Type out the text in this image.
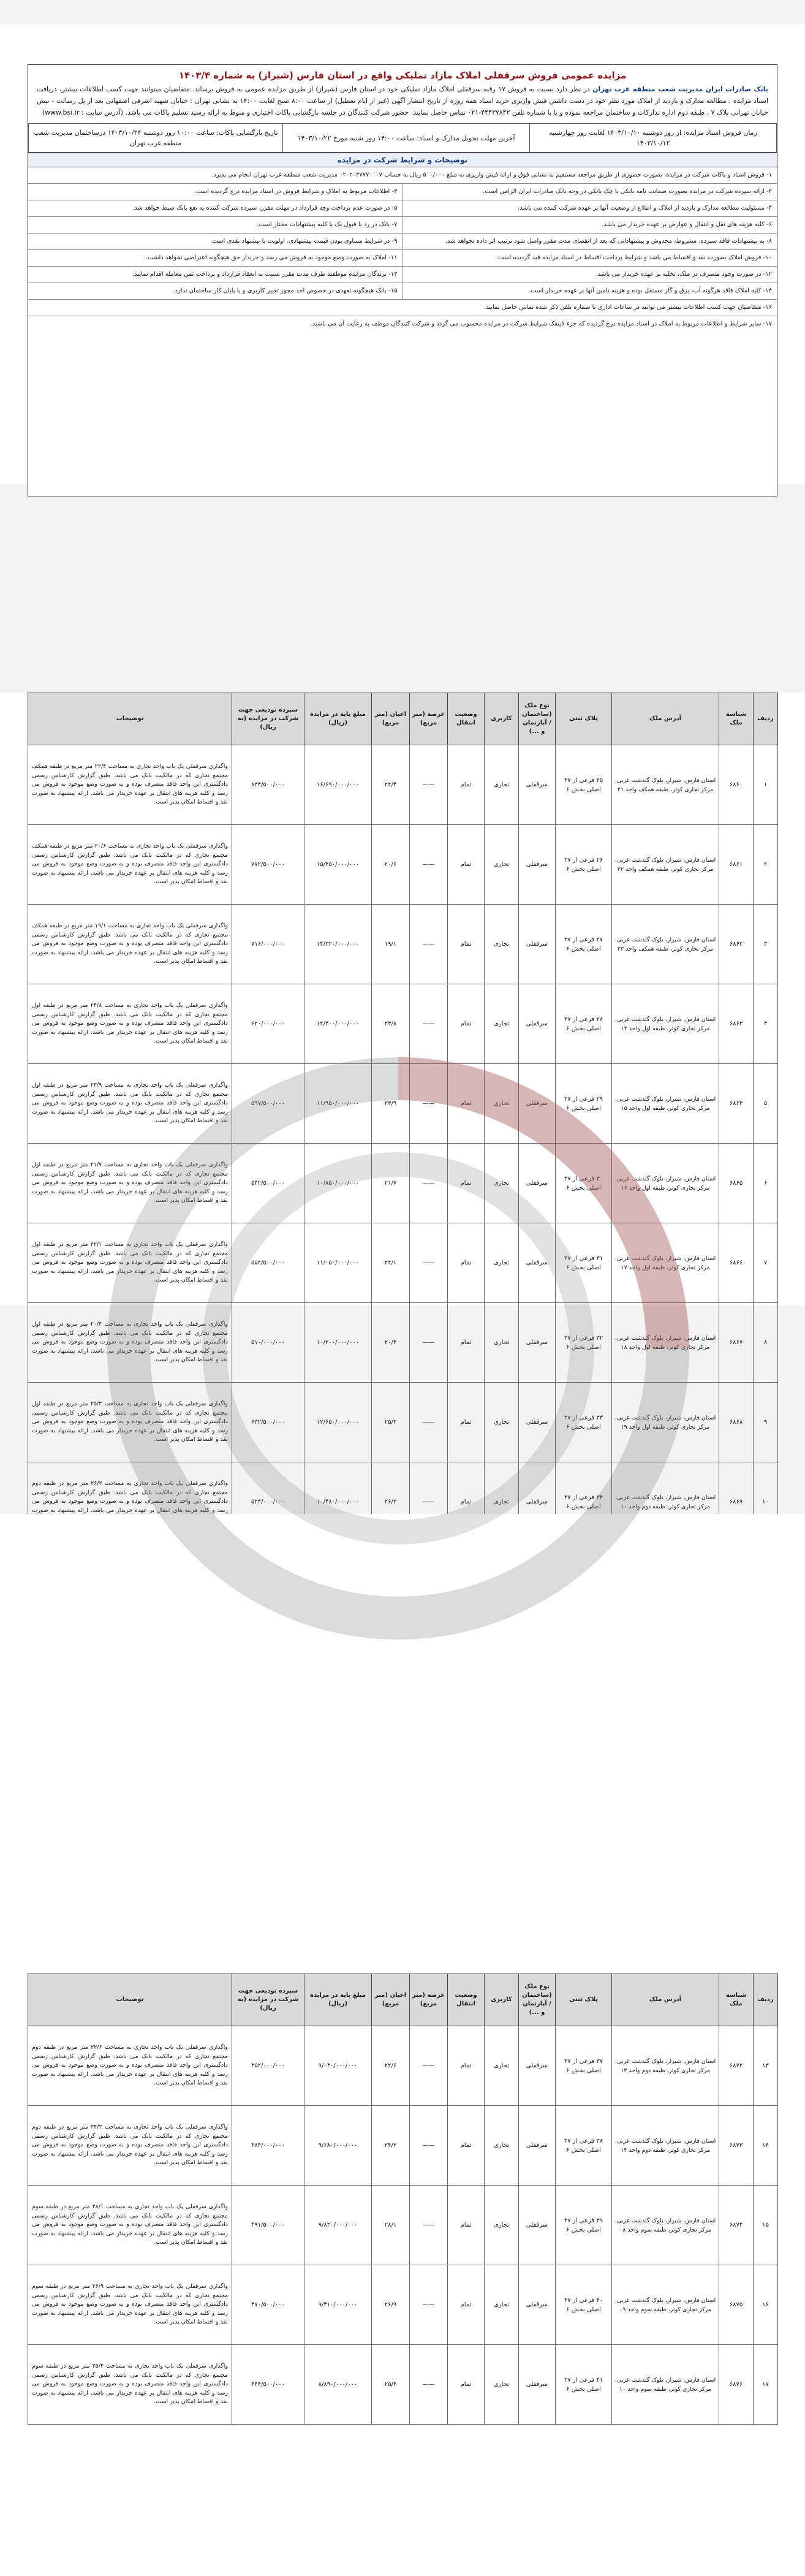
مزایده عمومی فروش سرقفلی املاک مازاد تملیکی واقع در استان فارس (شیراز) به شماره ۱۴۰۳/۴
بانک صادرات ایران مدیریت شعب منطقه غرب تهران در نظر دارد نسبت به فروش ۱۷ رقبه سرقفلی املاک مازاد تملیکی خود در استان فارس (شیراز) از طریق مزایده عمومی به فروش برساند. متقاضیان میتوانند جهت کسب اطلاعات بیشتر، دریافت اسناد مزایده ، مطالعه مدارک و بازدید از املاک مورد نظر خود در دست داشتن فیش واریزی خرید اسناد همه روزه از تاریخ انتشار آگهی (غیر از ایام تعطیل) از ساعت ۸:۰۰ صبح لغایت ۱۴:۰۰ به نشانی تهران : خیابان شهید اشرفی اصفهانی بعد از پل رسالت - نبش خیابان تهرانی پلاک ۷ ، طبقه دوم اداره تدارکات و ساختمان مراجعه نموده و یا با شماره تلفن ۴۴۴۳۷۸۴۲-۰۲۱ تماس حاصل نمایند. حضور شرکت کنندگان در جلسه بازگشایی پاکات اختیاری و منوط به ارائه رسید تسلیم پاکات می باشد. (آدرس سایت : www.bsi.ir)
زمان فروش اسناد مزایده: از روز دوشنبه ۱۴۰۳/۱۰/۱۰ لغایت روز چهارشنبه ۱۴۰۳/۱۰/۱۲	آخرین مهلت تحویل مدارک و اسناد: ساعت ۱۴:۰۰ روز شنبه مورخ ۱۴۰۳/۱۰/۲۲	تاریخ بازگشایی پاکات: ساعت ۱۰:۰۰ روز دوشنبه ۱۴۰۳/۱۰/۲۴ درساختمان مدیریت شعب منطقه غرب تهران
توضیحات و شرایط شرکت در مزایده
۱- فروش اسناد و پاکات شرکت در مزایده، بصورت حضوری از طریق مراجعه مستقیم به نشانی فوق و ارائه فیش واریزی به مبلغ ۵۰۰/۰۰۰ ریال به حساب ۰۲۰۲۰۳۷۷۷۰۰۰۷ مدیریت شعب منطقه غرب تهران انجام می پذیرد.
۲- ارائه سپرده شرکت در مزایده بصورت ضمانت نامه بانکی یا چک بانکی در وجه بانک صادرات ایران الزامی است.
۳- اطلاعات مربوط به املاک و شرایط فروش در اسناد مزایده درج گردیده است.
۴- مسئولیت مطالعه مدارک و بازدید از املاک و اطلاع از وضعیت آنها بر عهده شرکت کننده می باشد.
۵- در صورت عدم پرداخت وجه قرارداد در مهلت مقرر، سپرده شرکت کننده به نفع بانک ضبط خواهد شد.
۶- کلیه هزینه های نقل و انتقال و عوارض بر عهده خریدار می باشد.
۷- بانک در رد یا قبول یک یا کلیه پیشنهادات مختار است.
۸- به پیشنهادات فاقد سپرده، مشروط، مخدوش و پیشنهاداتی که بعد از انقضای مدت مقرر واصل شود ترتیب اثر داده نخواهد شد.
۹- در شرایط مساوی بودن قیمت پیشنهادی، اولویت با پیشنهاد نقدی است.
۱۰- فروش املاک بصورت نقد و اقساط می باشد و شرایط پرداخت اقساط در اسناد مزایده قید گردیده است.
۱۱- املاک به صورت وضع موجود به فروش می رسد و خریدار حق هیچگونه اعتراضی نخواهد داشت.
۱۲- در صورت وجود متصرف در ملک، تخلیه بر عهده خریدار می باشد.
۱۳- برندگان مزایده موظفند ظرف مدت مقرر نسبت به انعقاد قرارداد و پرداخت ثمن معامله اقدام نمایند.
۱۴- کلیه املاک فاقد هرگونه آب، برق و گاز مستقل بوده و هزینه تامین آنها بر عهده خریدار است.
۱۵- بانک هیچگونه تعهدی در خصوص اخذ مجوز تغییر کاربری و یا پایان کار ساختمان ندارد.
۱۶- متقاضیان جهت کسب اطلاعات بیشتر می توانند در ساعات اداری با شماره تلفن ذکر شده تماس حاصل نمایند.
۱۷- سایر شرایط و اطلاعات مربوط به املاک در اسناد مزایده درج گردیده که جزء لاینفک شرایط شرکت در مزایده محسوب می گردد و شرکت کنندگان موظف به رعایت آن می باشند.
ردیف	شناسه ملک	آدرس ملک	پلاک ثبتی	نوع ملک (ساختمان / آپارتمان و ...)	کاربری	وضعیت انتقال	عرصه (متر مربع)	اعیان (متر مربع)	مبلغ پایه در مزایده (ریال)	سپرده تودیعی جهت شرکت در مزایده (به ریال)	توضیحات
۱	۶۸۶۰	استان فارس، شیراز، بلوک گلدشت غربی، مرکز تجاری کوثر، طبقه همکف واحد ۲۱	۲۵ فرعی از ۳۷ اصلی بخش ۶	سرقفلی	تجاری	تمام	——	۲۲/۴	۱۶/۶۹۰/۰۰۰/۰۰۰	۸۳۴/۵۰۰/۰۰۰	واگذاری سرقفلی یک باب واحد تجاری به مساحت ۲۲/۴ متر مربع در طبقه همکف مجتمع تجاری که در مالکیت بانک می باشد. طبق گزارش کارشناس رسمی دادگستری این واحد فاقد متصرف بوده و به صورت وضع موجود به فروش می رسد و کلیه هزینه های انتقال بر عهده خریدار می باشد. ارائه پیشنهاد به صورت نقد و اقساط امکان پذیر است.
۲	۶۸۶۱	استان فارس، شیراز، بلوک گلدشت غربی، مرکز تجاری کوثر، طبقه همکف واحد ۲۲	۲۶ فرعی از ۳۷ اصلی بخش ۶	سرقفلی	تجاری	تمام	——	۲۰/۶	۱۵/۴۵۰/۰۰۰/۰۰۰	۷۷۲/۵۰۰/۰۰۰	واگذاری سرقفلی یک باب واحد تجاری به مساحت ۲۰/۶ متر مربع در طبقه همکف مجتمع تجاری که در مالکیت بانک می باشد. طبق گزارش کارشناس رسمی دادگستری این واحد فاقد متصرف بوده و به صورت وضع موجود به فروش می رسد و کلیه هزینه های انتقال بر عهده خریدار می باشد. ارائه پیشنهاد به صورت نقد و اقساط امکان پذیر است.
۳	۶۸۶۲	استان فارس، شیراز، بلوک گلدشت غربی، مرکز تجاری کوثر، طبقه همکف واحد ۲۳	۲۷ فرعی از ۳۷ اصلی بخش ۶	سرقفلی	تجاری	تمام	——	۱۹/۱	۱۴/۳۲۰/۰۰۰/۰۰۰	۷۱۶/۰۰۰/۰۰۰	واگذاری سرقفلی یک باب واحد تجاری به مساحت ۱۹/۱ متر مربع در طبقه همکف مجتمع تجاری که در مالکیت بانک می باشد. طبق گزارش کارشناس رسمی دادگستری این واحد فاقد متصرف بوده و به صورت وضع موجود به فروش می رسد و کلیه هزینه های انتقال بر عهده خریدار می باشد. ارائه پیشنهاد به صورت نقد و اقساط امکان پذیر است.
۴	۶۸۶۳	استان فارس، شیراز، بلوک گلدشت غربی، مرکز تجاری کوثر، طبقه اول واحد ۱۴	۲۸ فرعی از ۳۷ اصلی بخش ۶	سرقفلی	تجاری	تمام	——	۲۴/۸	۱۲/۴۰۰/۰۰۰/۰۰۰	۶۲۰/۰۰۰/۰۰۰	واگذاری سرقفلی یک باب واحد تجاری به مساحت ۲۴/۸ متر مربع در طبقه اول مجتمع تجاری که در مالکیت بانک می باشد. طبق گزارش کارشناس رسمی دادگستری این واحد فاقد متصرف بوده و به صورت وضع موجود به فروش می رسد و کلیه هزینه های انتقال بر عهده خریدار می باشد. ارائه پیشنهاد به صورت نقد و اقساط امکان پذیر است.
۵	۶۸۶۴	استان فارس، شیراز، بلوک گلدشت غربی، مرکز تجاری کوثر، طبقه اول واحد ۱۵	۲۹ فرعی از ۳۷ اصلی بخش ۶	سرقفلی	تجاری	تمام	——	۲۳/۹	۱۱/۹۵۰/۰۰۰/۰۰۰	۵۹۷/۵۰۰/۰۰۰	واگذاری سرقفلی یک باب واحد تجاری به مساحت ۲۳/۹ متر مربع در طبقه اول مجتمع تجاری که در مالکیت بانک می باشد. طبق گزارش کارشناس رسمی دادگستری این واحد فاقد متصرف بوده و به صورت وضع موجود به فروش می رسد و کلیه هزینه های انتقال بر عهده خریدار می باشد. ارائه پیشنهاد به صورت نقد و اقساط امکان پذیر است.
۶	۶۸۶۵	استان فارس، شیراز، بلوک گلدشت غربی، مرکز تجاری کوثر، طبقه اول واحد ۱۶	۳۰ فرعی از ۳۷ اصلی بخش ۶	سرقفلی	تجاری	تمام	——	۲۱/۷	۱۰/۸۵۰/۰۰۰/۰۰۰	۵۴۲/۵۰۰/۰۰۰	واگذاری سرقفلی یک باب واحد تجاری به مساحت ۲۱/۷ متر مربع در طبقه اول مجتمع تجاری که در مالکیت بانک می باشد. طبق گزارش کارشناس رسمی دادگستری این واحد فاقد متصرف بوده و به صورت وضع موجود به فروش می رسد و کلیه هزینه های انتقال بر عهده خریدار می باشد. ارائه پیشنهاد به صورت نقد و اقساط امکان پذیر است.
۷	۶۸۶۶	استان فارس، شیراز، بلوک گلدشت غربی، مرکز تجاری کوثر، طبقه اول واحد ۱۷	۳۱ فرعی از ۳۷ اصلی بخش ۶	سرقفلی	تجاری	تمام	——	۲۲/۱	۱۱/۰۵۰/۰۰۰/۰۰۰	۵۵۲/۵۰۰/۰۰۰	واگذاری سرقفلی یک باب واحد تجاری به مساحت ۲۲/۱ متر مربع در طبقه اول مجتمع تجاری که در مالکیت بانک می باشد. طبق گزارش کارشناس رسمی دادگستری این واحد فاقد متصرف بوده و به صورت وضع موجود به فروش می رسد و کلیه هزینه های انتقال بر عهده خریدار می باشد. ارائه پیشنهاد به صورت نقد و اقساط امکان پذیر است.
۸	۶۸۶۷	استان فارس، شیراز، بلوک گلدشت غربی، مرکز تجاری کوثر، طبقه اول واحد ۱۸	۳۲ فرعی از ۳۷ اصلی بخش ۶	سرقفلی	تجاری	تمام	——	۲۰/۴	۱۰/۲۰۰/۰۰۰/۰۰۰	۵۱۰/۰۰۰/۰۰۰	واگذاری سرقفلی یک باب واحد تجاری به مساحت ۲۰/۴ متر مربع در طبقه اول مجتمع تجاری که در مالکیت بانک می باشد. طبق گزارش کارشناس رسمی دادگستری این واحد فاقد متصرف بوده و به صورت وضع موجود به فروش می رسد و کلیه هزینه های انتقال بر عهده خریدار می باشد. ارائه پیشنهاد به صورت نقد و اقساط امکان پذیر است.
۹	۶۸۶۸	استان فارس، شیراز، بلوک گلدشت غربی، مرکز تجاری کوثر، طبقه اول واحد ۱۹	۳۳ فرعی از ۳۷ اصلی بخش ۶	سرقفلی	تجاری	تمام	——	۲۵/۳	۱۲/۶۵۰/۰۰۰/۰۰۰	۶۳۲/۵۰۰/۰۰۰	واگذاری سرقفلی یک باب واحد تجاری به مساحت ۲۵/۳ متر مربع در طبقه اول مجتمع تجاری که در مالکیت بانک می باشد. طبق گزارش کارشناس رسمی دادگستری این واحد فاقد متصرف بوده و به صورت وضع موجود به فروش می رسد و کلیه هزینه های انتقال بر عهده خریدار می باشد. ارائه پیشنهاد به صورت نقد و اقساط امکان پذیر است.
۱۰	۶۸۶۹	استان فارس، شیراز، بلوک گلدشت غربی، مرکز تجاری کوثر، طبقه دوم واحد ۱۰	۳۴ فرعی از ۳۷ اصلی بخش ۶	سرقفلی	تجاری	تمام	——	۲۶/۲	۱۰/۴۸۰/۰۰۰/۰۰۰	۵۲۴/۰۰۰/۰۰۰	واگذاری سرقفلی یک باب واحد تجاری به مساحت ۲۶/۲ متر مربع در طبقه دوم مجتمع تجاری که در مالکیت بانک می باشد. طبق گزارش کارشناس رسمی دادگستری این واحد فاقد متصرف بوده و به صورت وضع موجود به فروش می رسد و کلیه هزینه های انتقال بر عهده خریدار می باشد. ارائه پیشنهاد به صورت

ردیف	شناسه ملک	آدرس ملک	پلاک ثبتی	نوع ملک (ساختمان / آپارتمان و ...)	کاربری	وضعیت انتقال	عرصه (متر مربع)	اعیان (متر مربع)	مبلغ پایه در مزایده (ریال)	سپرده تودیعی جهت شرکت در مزایده (به ریال)	توضیحات
۱۳	۶۸۷۲	استان فارس، شیراز، بلوک گلدشت غربی، مرکز تجاری کوثر، طبقه دوم واحد ۱۳	۳۷ فرعی از ۳۷ اصلی بخش ۶	سرقفلی	تجاری	تمام	——	۲۲/۶	۹/۰۴۰/۰۰۰/۰۰۰	۴۵۲/۰۰۰/۰۰۰	واگذاری سرقفلی یک باب واحد تجاری به مساحت ۲۲/۶ متر مربع در طبقه دوم مجتمع تجاری که در مالکیت بانک می باشد. طبق گزارش کارشناس رسمی دادگستری این واحد فاقد متصرف بوده و به صورت وضع موجود به فروش می رسد و کلیه هزینه های انتقال بر عهده خریدار می باشد. ارائه پیشنهاد به صورت نقد و اقساط امکان پذیر است.
۱۴	۶۸۷۳	استان فارس، شیراز، بلوک گلدشت غربی، مرکز تجاری کوثر، طبقه دوم واحد ۱۴	۳۸ فرعی از ۳۷ اصلی بخش ۶	سرقفلی	تجاری	تمام	——	۲۴/۲	۹/۶۸۰/۰۰۰/۰۰۰	۴۸۴/۰۰۰/۰۰۰	واگذاری سرقفلی یک باب واحد تجاری به مساحت ۲۴/۲ متر مربع در طبقه دوم مجتمع تجاری که در مالکیت بانک می باشد. طبق گزارش کارشناس رسمی دادگستری این واحد فاقد متصرف بوده و به صورت وضع موجود به فروش می رسد و کلیه هزینه های انتقال بر عهده خریدار می باشد. ارائه پیشنهاد به صورت نقد و اقساط امکان پذیر است.
۱۵	۶۸۷۴	استان فارس، شیراز، بلوک گلدشت غربی، مرکز تجاری کوثر، طبقه سوم واحد ۰۸	۳۹ فرعی از ۳۷ اصلی بخش ۶	سرقفلی	تجاری	تمام	——	۲۸/۱	۹/۸۳۰/۰۰۰/۰۰۰	۴۹۱/۵۰۰/۰۰۰	واگذاری سرقفلی یک باب واحد تجاری به مساحت ۲۸/۱ متر مربع در طبقه سوم مجتمع تجاری که در مالکیت بانک می باشد. طبق گزارش کارشناس رسمی دادگستری این واحد فاقد متصرف بوده و به صورت وضع موجود به فروش می رسد و کلیه هزینه های انتقال بر عهده خریدار می باشد. ارائه پیشنهاد به صورت نقد و اقساط امکان پذیر است.
۱۶	۶۸۷۵	استان فارس، شیراز، بلوک گلدشت غربی، مرکز تجاری کوثر، طبقه سوم واحد ۰۹	۴۰ فرعی از ۳۷ اصلی بخش ۶	سرقفلی	تجاری	تمام	——	۲۶/۹	۹/۴۱۰/۰۰۰/۰۰۰	۴۷۰/۵۰۰/۰۰۰	واگذاری سرقفلی یک باب واحد تجاری به مساحت ۲۶/۹ متر مربع در طبقه سوم مجتمع تجاری که در مالکیت بانک می باشد. طبق گزارش کارشناس رسمی دادگستری این واحد فاقد متصرف بوده و به صورت وضع موجود به فروش می رسد و کلیه هزینه های انتقال بر عهده خریدار می باشد. ارائه پیشنهاد به صورت نقد و اقساط امکان پذیر است.
۱۷	۶۸۷۶	استان فارس، شیراز، بلوک گلدشت غربی، مرکز تجاری کوثر، طبقه سوم واحد ۱۰	۴۱ فرعی از ۳۷ اصلی بخش ۶	سرقفلی	تجاری	تمام	——	۲۵/۴	۸/۸۹۰/۰۰۰/۰۰۰	۴۴۴/۵۰۰/۰۰۰	واگذاری سرقفلی یک باب واحد تجاری به مساحت ۲۵/۴ متر مربع در طبقه سوم مجتمع تجاری که در مالکیت بانک می باشد. طبق گزارش کارشناس رسمی دادگستری این واحد فاقد متصرف بوده و به صورت وضع موجود به فروش می رسد و کلیه هزینه های انتقال بر عهده خریدار می باشد. ارائه پیشنهاد به صورت نقد و اقساط امکان پذیر است.
